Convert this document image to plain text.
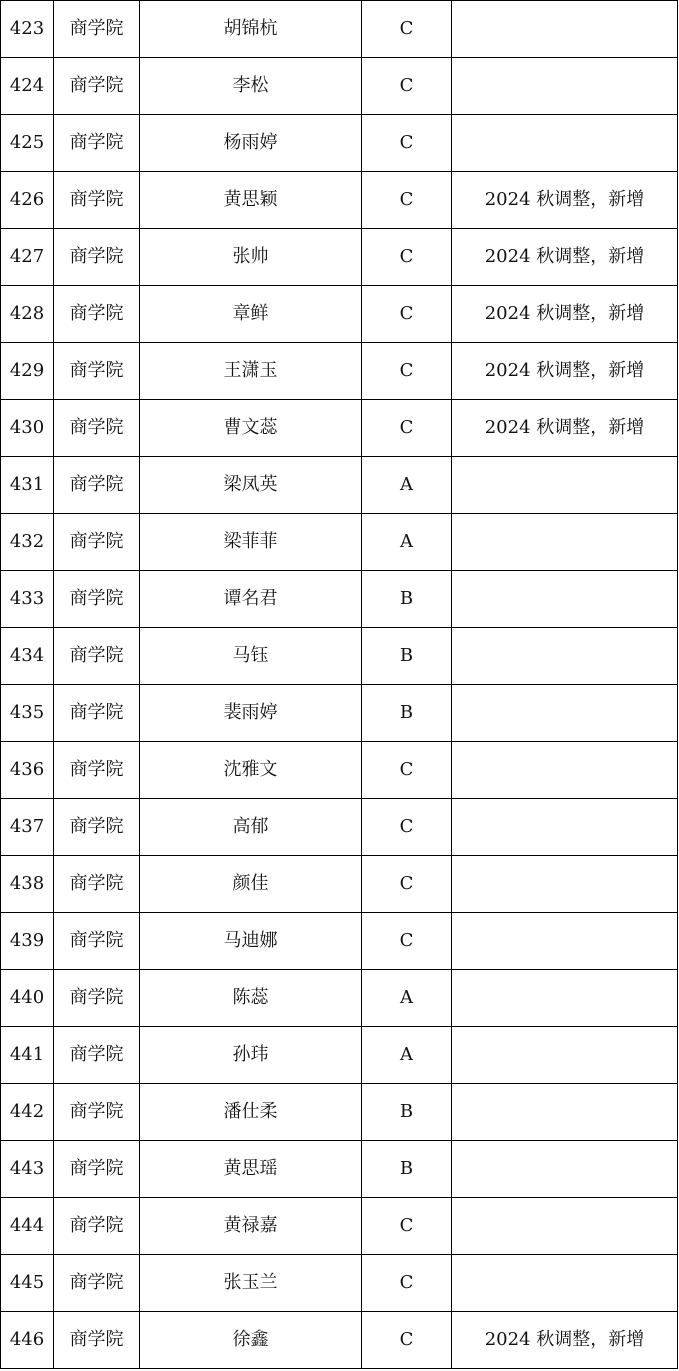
423	商学院	胡锦杭	C	
424	商学院	李松	C	
425	商学院	杨雨婷	C	
426	商学院	黄思颖	C	2024 秋调整，新增
427	商学院	张帅	C	2024 秋调整，新增
428	商学院	章鲜	C	2024 秋调整，新增
429	商学院	王潇玉	C	2024 秋调整，新增
430	商学院	曹文蕊	C	2024 秋调整，新增
431	商学院	梁凤英	A	
432	商学院	梁菲菲	A	
433	商学院	谭名君	B	
434	商学院	马钰	B	
435	商学院	裴雨婷	B	
436	商学院	沈雅文	C	
437	商学院	高郁	C	
438	商学院	颜佳	C	
439	商学院	马迪娜	C	
440	商学院	陈蕊	A	
441	商学院	孙玮	A	
442	商学院	潘仕柔	B	
443	商学院	黄思瑶	B	
444	商学院	黄禄嘉	C	
445	商学院	张玉兰	C	
446	商学院	徐鑫	C	2024 秋调整，新增
